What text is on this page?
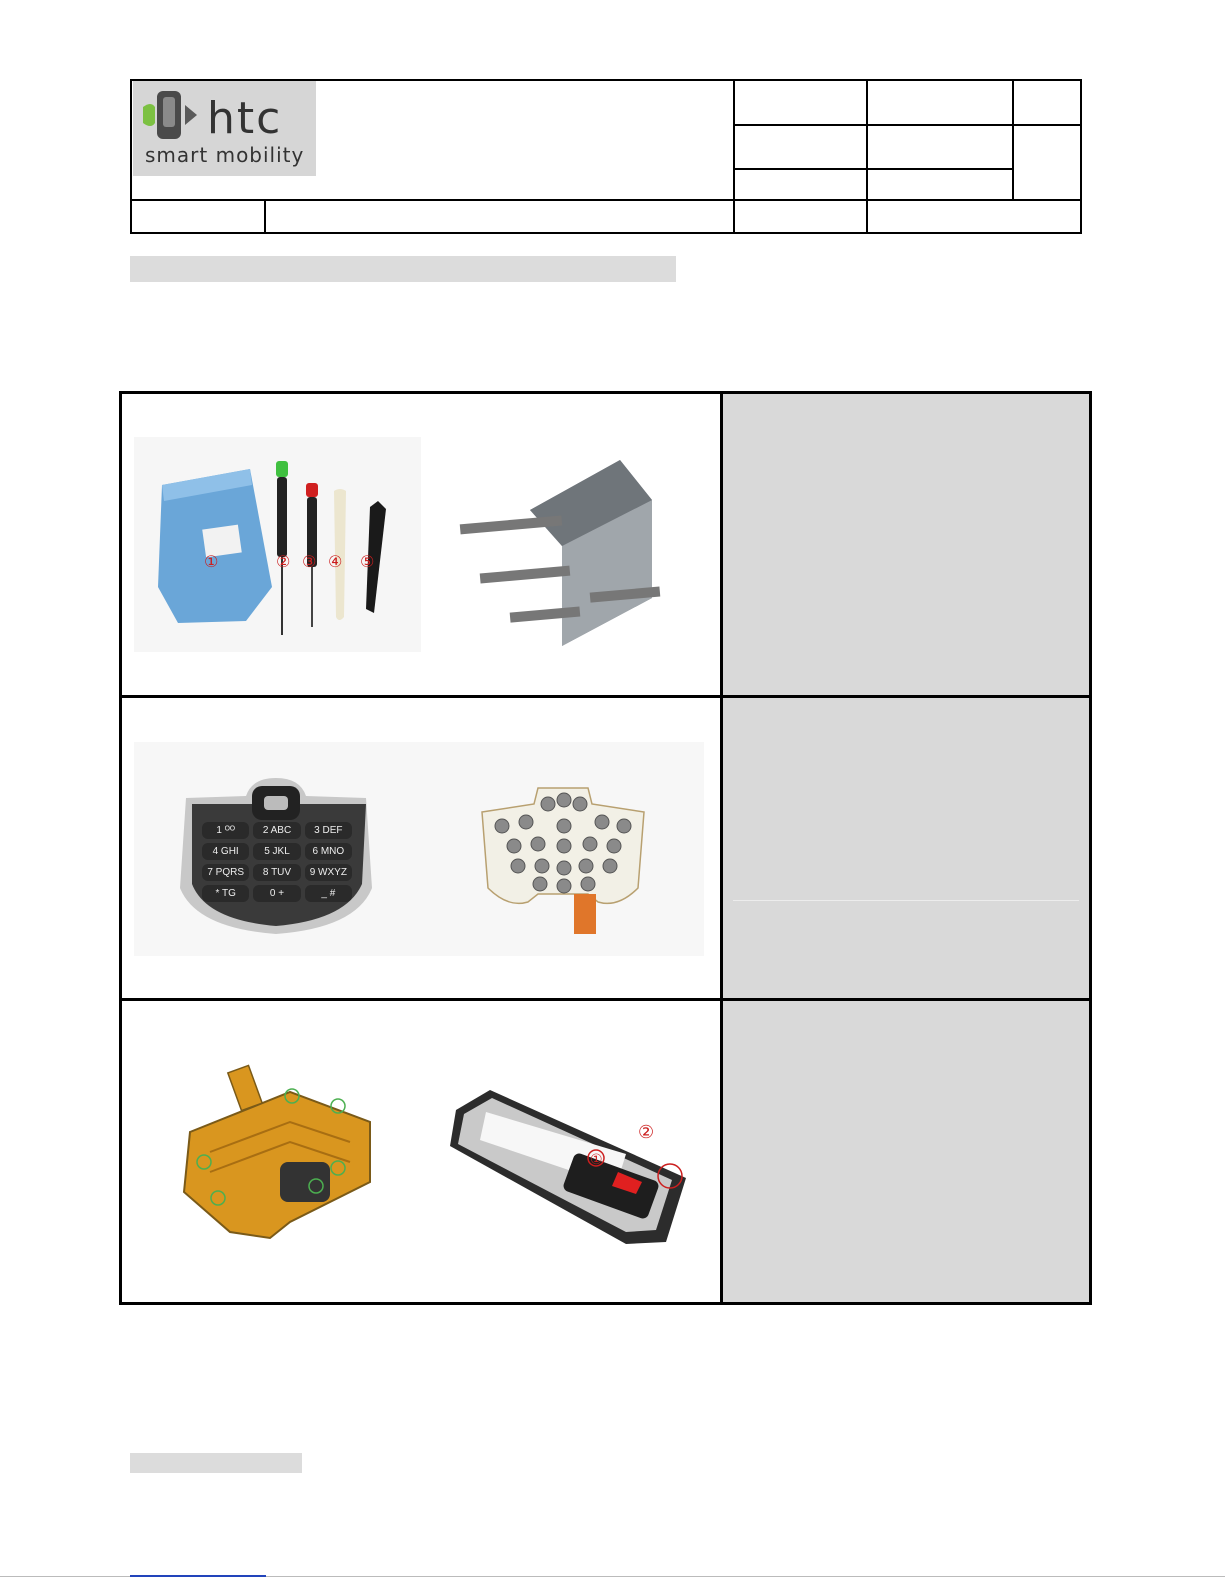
htc
smart mobility
①	② ③ ④ ⑤
1 ᴼᴼ	2 ABC	3 DEF
4 GHI	5 JKL	6 MNO
7 PQRS	8 TUV	9 WXYZ
* TG	0 +	_ #
①
②
